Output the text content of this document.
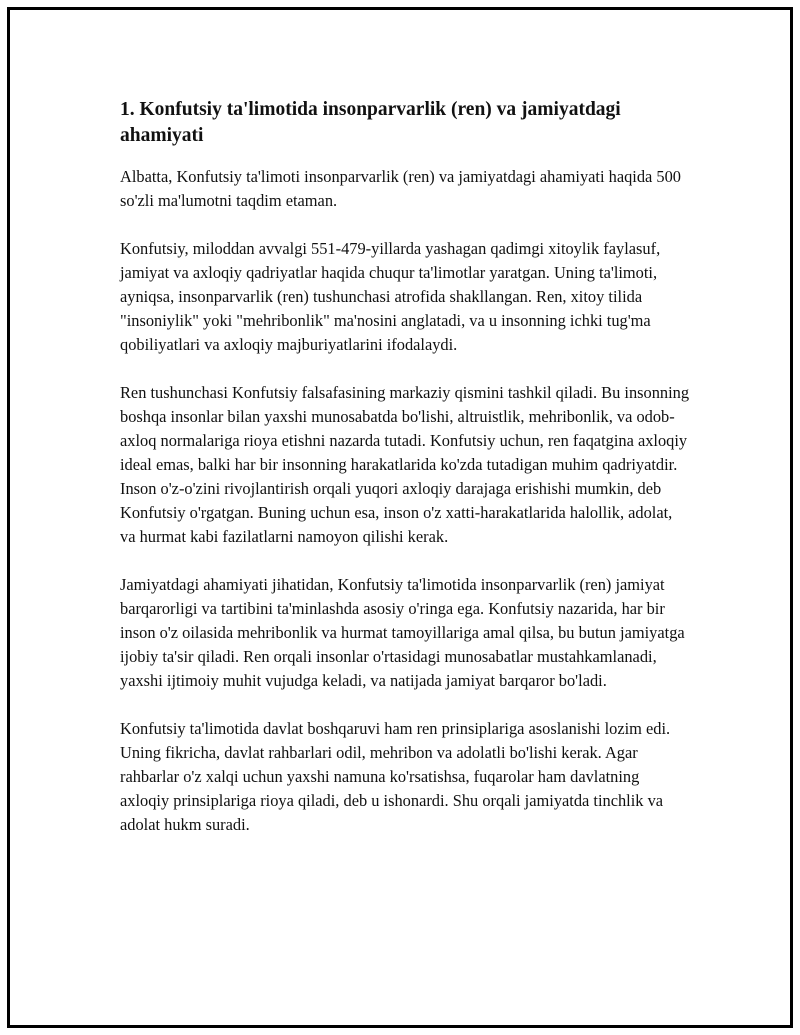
1. Konfutsiy ta'limotida insonparvarlik (ren) va jamiyatdagi ahamiyati

Albatta, Konfutsiy ta'limoti insonparvarlik (ren) va jamiyatdagi ahamiyati haqida 500 so'zli ma'lumotni taqdim etaman.

Konfutsiy, miloddan avvalgi 551-479-yillarda yashagan qadimgi xitoylik faylasuf, jamiyat va axloqiy qadriyatlar haqida chuqur ta'limotlar yaratgan. Uning ta'limoti, ayniqsa, insonparvarlik (ren) tushunchasi atrofida shakllangan. Ren, xitoy tilida "insoniylik" yoki "mehribonlik" ma'nosini anglatadi, va u insonning ichki tug'ma qobiliyatlari va axloqiy majburiyatlarini ifodalaydi.

Ren tushunchasi Konfutsiy falsafasining markaziy qismini tashkil qiladi. Bu insonning boshqa insonlar bilan yaxshi munosabatda bo'lishi, altruistlik, mehribonlik, va odob-axloq normalariga rioya etishni nazarda tutadi. Konfutsiy uchun, ren faqatgina axloqiy ideal emas, balki har bir insonning harakatlarida ko'zda tutadigan muhim qadriyatdir. Inson o'z-o'zini rivojlantirish orqali yuqori axloqiy darajaga erishishi mumkin, deb Konfutsiy o'rgatgan. Buning uchun esa, inson o'z xatti-harakatlarida halollik, adolat, va hurmat kabi fazilatlarni namoyon qilishi kerak.

Jamiyatdagi ahamiyati jihatidan, Konfutsiy ta'limotida insonparvarlik (ren) jamiyat barqarorligi va tartibini ta'minlashda asosiy o'ringa ega. Konfutsiy nazarida, har bir inson o'z oilasida mehribonlik va hurmat tamoyillariga amal qilsa, bu butun jamiyatga ijobiy ta'sir qiladi. Ren orqali insonlar o'rtasidagi munosabatlar mustahkamlanadi, yaxshi ijtimoiy muhit vujudga keladi, va natijada jamiyat barqaror bo'ladi.

Konfutsiy ta'limotida davlat boshqaruvi ham ren prinsiplariga asoslanishi lozim edi. Uning fikricha, davlat rahbarlari odil, mehribon va adolatli bo'lishi kerak. Agar rahbarlar o'z xalqi uchun yaxshi namuna ko'rsatishsa, fuqarolar ham davlatning axloqiy prinsiplariga rioya qiladi, deb u ishonardi. Shu orqali jamiyatda tinchlik va adolat hukm suradi.
